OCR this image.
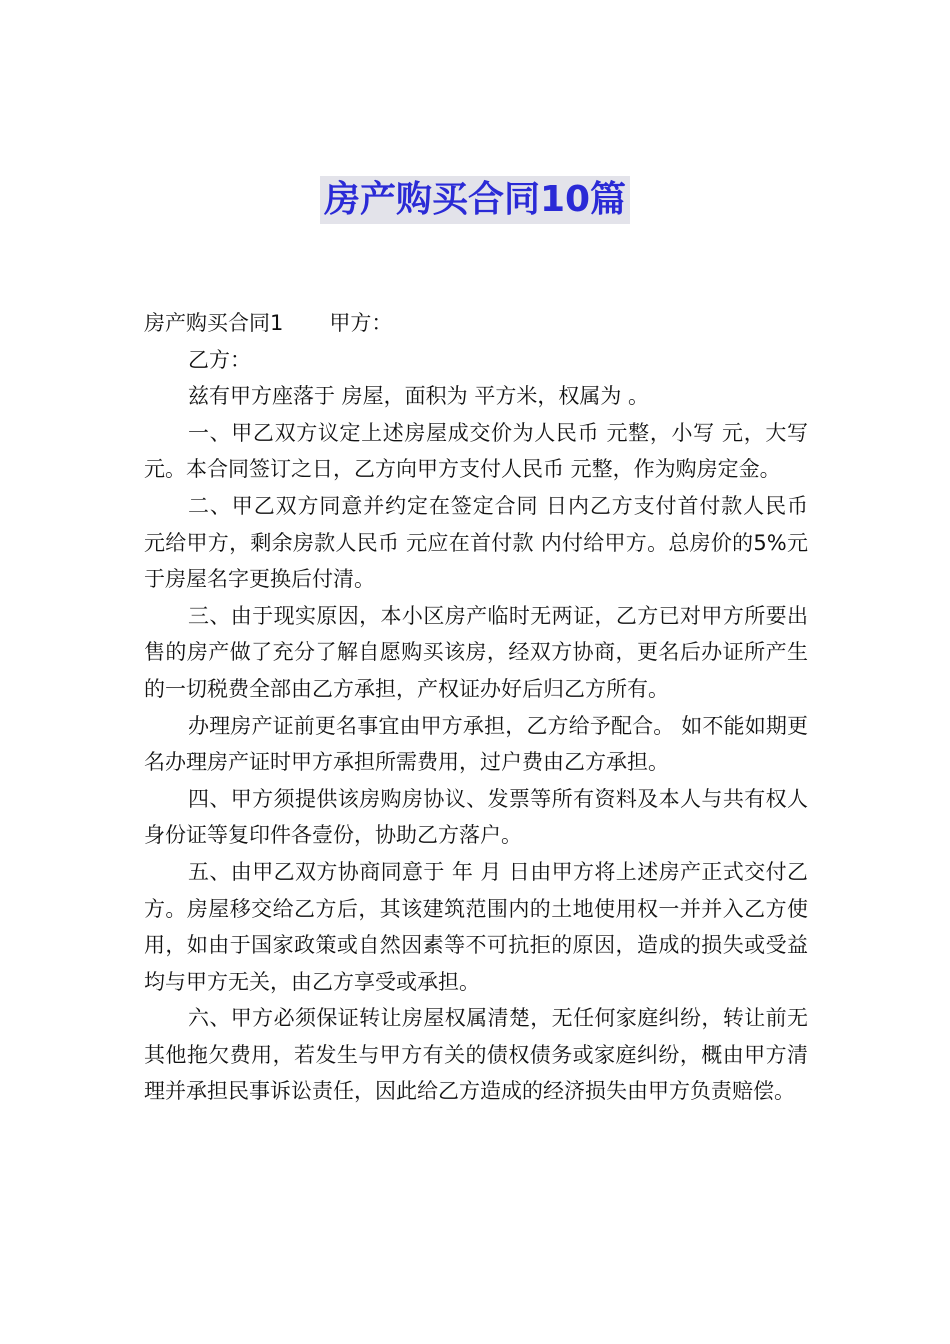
房产购买合同10篇

房产购买合同1 甲方：

乙方：

兹有甲方座落于 房屋，面积为 平方米，权属为 。

一、甲乙双方议定上述房屋成交价为人民币 元整，小写 元，大写 元。本合同签订之日，乙方向甲方支付人民币 元整，作为购房定金。

二、甲乙双方同意并约定在签定合同 日内乙方支付首付款人民币 元给甲方，剩余房款人民币 元应在首付款 内付给甲方。总房价的5%元于房屋名字更换后付清。

三、由于现实原因，本小区房产临时无两证，乙方已对甲方所要出售的房产做了充分了解自愿购买该房，经双方协商，更名后办证所产生的一切税费全部由乙方承担，产权证办好后归乙方所有。

办理房产证前更名事宜由甲方承担，乙方给予配合。 如不能如期更名办理房产证时甲方承担所需费用，过户费由乙方承担。

四、甲方须提供该房购房协议、发票等所有资料及本人与共有权人身份证等复印件各壹份，协助乙方落户。

五、由甲乙双方协商同意于 年 月 日由甲方将上述房产正式交付乙方。房屋移交给乙方后，其该建筑范围内的土地使用权一并并入乙方使用，如由于国家政策或自然因素等不可抗拒的原因，造成的损失或受益均与甲方无关，由乙方享受或承担。

六、甲方必须保证转让房屋权属清楚，无任何家庭纠纷，转让前无其他拖欠费用，若发生与甲方有关的债权债务或家庭纠纷，概由甲方清理并承担民事诉讼责任，因此给乙方造成的经济损失由甲方负责赔偿。
